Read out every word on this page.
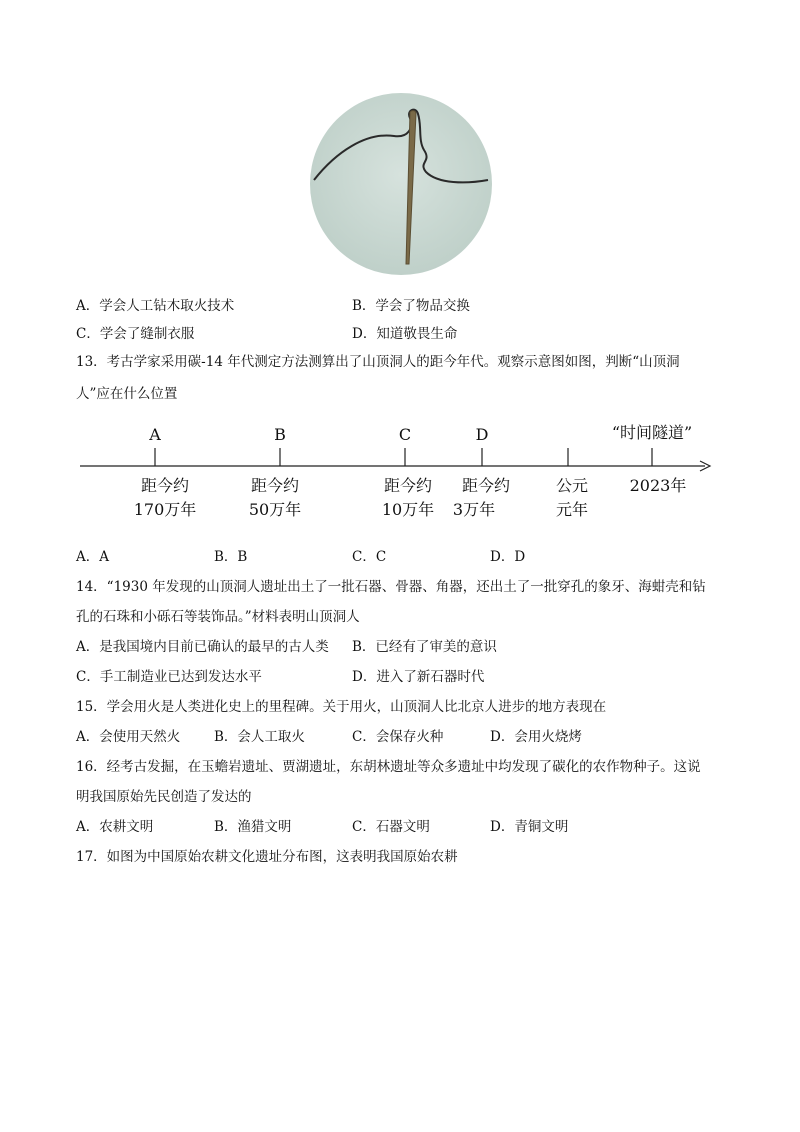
A．学会人工钻木取火技术	B．学会了物品交换
C．学会了缝制衣服	D．知道敬畏生命
13．考古学家采用碳-14 年代测定方法测算出了山顶洞人的距今年代。观察示意图如图，判断“山顶洞
人”应在什么位置
A	B	C	D	“时间隧道”
距今约
170万年
距今约
50万年
距今约
10万年
距今约
3万年
公元
元年
2023年
A．A	B．B	C．C	D．D
14．“1930 年发现的山顶洞人遗址出土了一批石器、骨器、角器，还出土了一批穿孔的象牙、海蚶壳和钻
孔的石珠和小砾石等装饰品。”材料表明山顶洞人
A．是我国境内目前已确认的最早的古人类 B．已经有了审美的意识
C．手工制造业已达到发达水平	D．进入了新石器时代
15．学会用火是人类进化史上的里程碑。关于用火，山顶洞人比北京人进步的地方表现在
A．会使用天然火	B．会人工取火	C．会保存火种	D．会用火烧烤
16．经考古发掘，在玉蟾岩遗址、贾湖遗址，东胡林遗址等众多遗址中均发现了碳化的农作物种子。这说
明我国原始先民创造了发达的
A．农耕文明	B．渔猎文明	C．石器文明	D．青铜文明
17．如图为中国原始农耕文化遗址分布图，这表明我国原始农耕
